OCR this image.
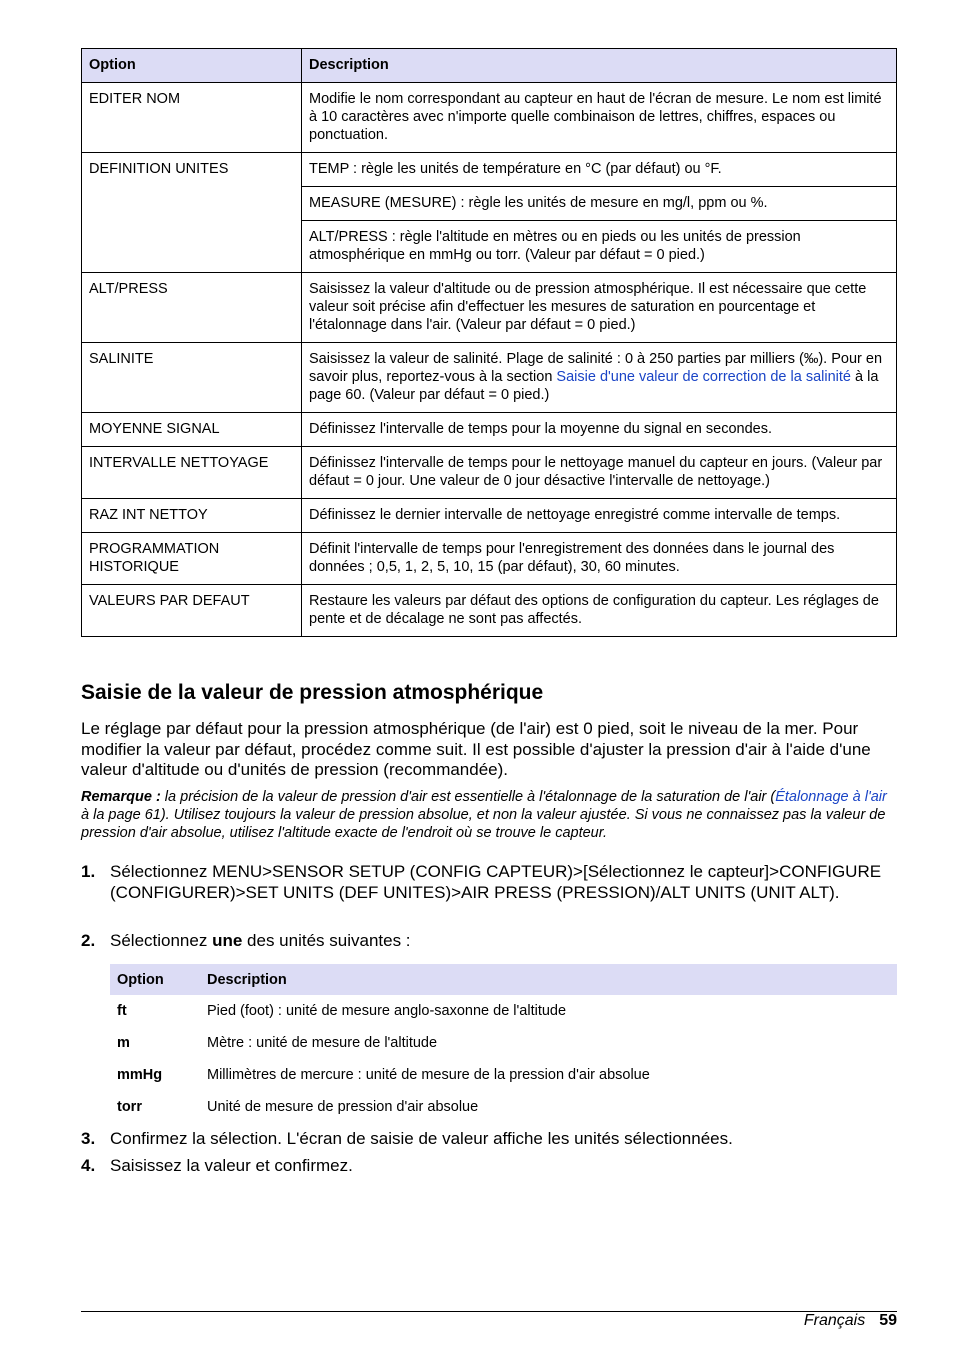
Option	Description
EDITER NOM	Modifie le nom correspondant au capteur en haut de l'écran de mesure. Le nom est limité à 10 caractères avec n'importe quelle combinaison de lettres, chiffres, espaces ou ponctuation.
DEFINITION UNITES	TEMP : règle les unités de température en °C (par défaut) ou °F.
	MEASURE (MESURE) : règle les unités de mesure en mg/l, ppm ou %.
	ALT/PRESS : règle l'altitude en mètres ou en pieds ou les unités de pression atmosphérique en mmHg ou torr. (Valeur par défaut = 0 pied.)
ALT/PRESS	Saisissez la valeur d'altitude ou de pression atmosphérique. Il est nécessaire que cette valeur soit précise afin d'effectuer les mesures de saturation en pourcentage et l'étalonnage dans l'air. (Valeur par défaut = 0 pied.)
SALINITE	Saisissez la valeur de salinité. Plage de salinité : 0 à 250 parties par milliers (‰). Pour en savoir plus, reportez-vous à la section Saisie d'une valeur de correction de la salinité à la page 60. (Valeur par défaut = 0 pied.)
MOYENNE SIGNAL	Définissez l'intervalle de temps pour la moyenne du signal en secondes.
INTERVALLE NETTOYAGE	Définissez l'intervalle de temps pour le nettoyage manuel du capteur en jours. (Valeur par défaut = 0 jour. Une valeur de 0 jour désactive l'intervalle de nettoyage.)
RAZ INT NETTOY	Définissez le dernier intervalle de nettoyage enregistré comme intervalle de temps.
PROGRAMMATION
HISTORIQUE	Définit l'intervalle de temps pour l'enregistrement des données dans le journal des données ; 0,5, 1, 2, 5, 10, 15 (par défaut), 30, 60 minutes.
VALEURS PAR DEFAUT	Restaure les valeurs par défaut des options de configuration du capteur. Les réglages de pente et de décalage ne sont pas affectés.
Saisie de la valeur de pression atmosphérique

Le réglage par défaut pour la pression atmosphérique (de l'air) est 0 pied, soit le niveau de la mer. Pour modifier la valeur par défaut, procédez comme suit. Il est possible d'ajuster la pression d'air à l'aide d'une valeur d'altitude ou d'unités de pression (recommandée).

Remarque : la précision de la valeur de pression d'air est essentielle à l'étalonnage de la saturation de l'air (Étalonnage à l'air à la page 61). Utilisez toujours la valeur de pression absolue, et non la valeur ajustée. Si vous ne connaissez pas la valeur de pression d'air absolue, utilisez l'altitude exacte de l'endroit où se trouve le capteur.

1. Sélectionnez MENU>SENSOR SETUP (CONFIG CAPTEUR)>[Sélectionnez le capteur]>CONFIGURE (CONFIGURER)>SET UNITS (DEF UNITES)>AIR PRESS (PRESSION)/ALT UNITS (UNIT ALT).
2. Sélectionnez une des unités suivantes :
Option	Description
ft	Pied (foot) : unité de mesure anglo-saxonne de l'altitude
m	Mètre : unité de mesure de l'altitude
mmHg	Millimètres de mercure : unité de mesure de la pression d'air absolue
torr	Unité de mesure de pression d'air absolue
3. Confirmez la sélection. L'écran de saisie de valeur affiche les unités sélectionnées.
4. Saisissez la valeur et confirmez.
Français 59
